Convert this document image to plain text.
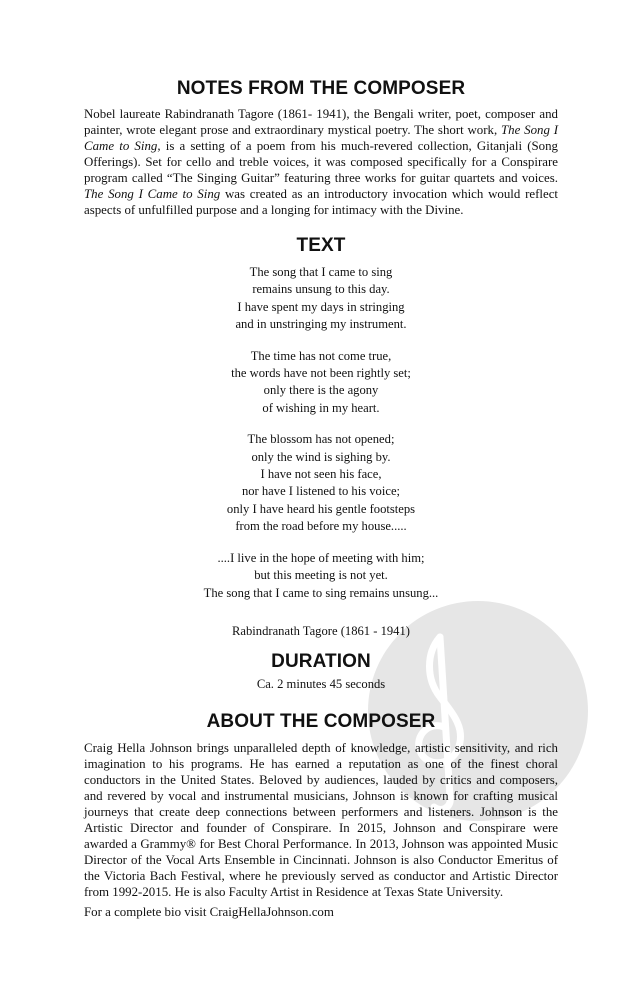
NOTES FROM THE COMPOSER

Nobel laureate Rabindranath Tagore (1861- 1941), the Bengali writer, poet, composer and painter, wrote elegant prose and extraordinary mystical poetry. The short work, The Song I Came to Sing, is a setting of a poem from his much-revered collection, Gitanjali (Song Offerings). Set for cello and treble voices, it was composed specifically for a Conspirare program called “The Singing Guitar” featuring three works for guitar quartets and voices. The Song I Came to Sing was created as an introductory invocation which would reflect aspects of unfulfilled purpose and a longing for intimacy with the Divine.

TEXT
The song that I came to sing
remains unsung to this day.
I have spent my days in stringing
and in unstringing my instrument.
The time has not come true,
the words have not been rightly set;
only there is the agony
of wishing in my heart.
The blossom has not opened;
only the wind is sighing by.
I have not seen his face,
nor have I listened to his voice;
only I have heard his gentle footsteps
from the road before my house.....
....I live in the hope of meeting with him;
but this meeting is not yet.
The song that I came to sing remains unsung...

Rabindranath Tagore (1861 - 1941)

DURATION

Ca. 2 minutes 45 seconds

ABOUT THE COMPOSER

Craig Hella Johnson brings unparalleled depth of knowledge, artistic sensitivity, and rich imagination to his programs. He has earned a reputation as one of the finest choral conductors in the United States. Beloved by audiences, lauded by critics and composers, and revered by vocal and instrumental musicians, Johnson is known for crafting musical journeys that create deep connections between performers and listeners. Johnson is the Artistic Director and founder of Conspirare. In 2015, Johnson and Conspirare were awarded a Grammy® for Best Choral Performance. In 2013, Johnson was appointed Music Director of the Vocal Arts Ensemble in Cincinnati. Johnson is also Conductor Emeritus of the Victoria Bach Festival, where he previously served as conductor and Artistic Director from 1992-2015. He is also Faculty Artist in Residence at Texas State University.

For a complete bio visit CraigHellaJohnson.com
